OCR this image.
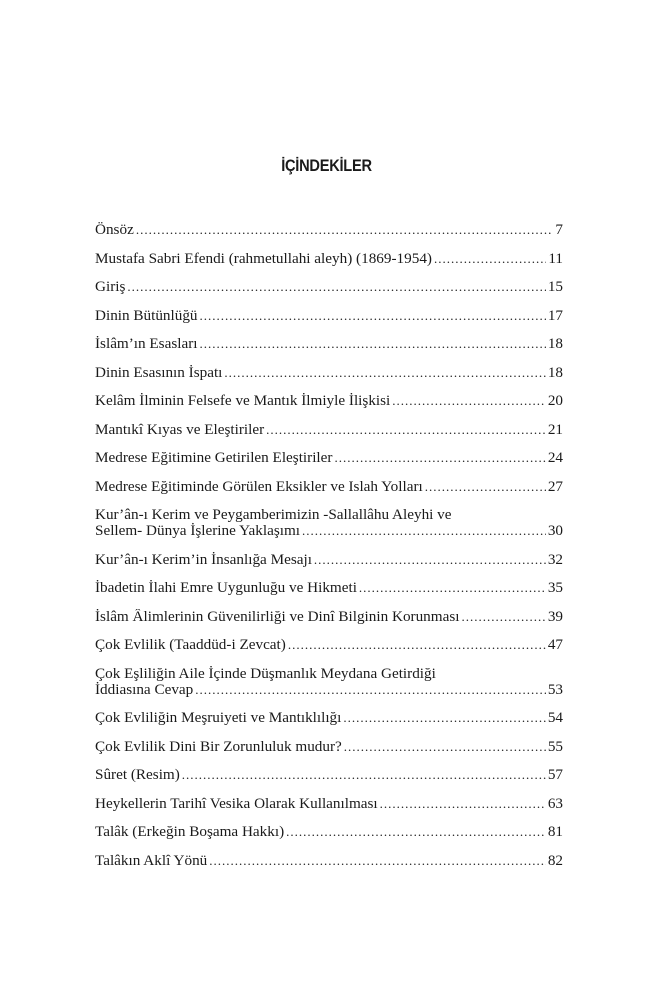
İÇİNDEKİLER
Önsöz .....	7
Mustafa Sabri Efendi (rahmetullahi aleyh) (1869-1954) .....	11
Giriş .....	15
Dinin Bütünlüğü .....	17
İslâm’ın Esasları .....	18
Dinin Esasının İspatı .....	18
Kelâm İlminin Felsefe ve Mantık İlmiyle İlişkisi .....	20
Mantıkî Kıyas ve Eleştiriler .....	21
Medrese Eğitimine Getirilen Eleştiriler .....	24
Medrese Eğitiminde Görülen Eksikler ve Islah Yolları .....	27
Kur’ân-ı Kerim ve Peygamberimizin -Sallallâhu Aleyhi ve
Sellem- Dünya İşlerine Yaklaşımı .....	30
Kur’ân-ı Kerim’in İnsanlığa Mesajı .....	32
İbadetin İlahi Emre Uygunluğu ve Hikmeti .....	35
İslâm Âlimlerinin Güvenilirliği ve Dinî Bilginin Korunması .....	39
Çok Evlilik (Taaddüd-i Zevcat) .....	47
Çok Eşliliğin Aile İçinde Düşmanlık Meydana Getirdiği
İddiasına Cevap .....	53
Çok Evliliğin Meşruiyeti ve Mantıklılığı .....	54
Çok Evlilik Dini Bir Zorunluluk mudur? .....	55
Sûret (Resim) .....	57
Heykellerin Tarihî Vesika Olarak Kullanılması .....	63
Talâk (Erkeğin Boşama Hakkı) .....	81
Talâkın Aklî Yönü .....	82
